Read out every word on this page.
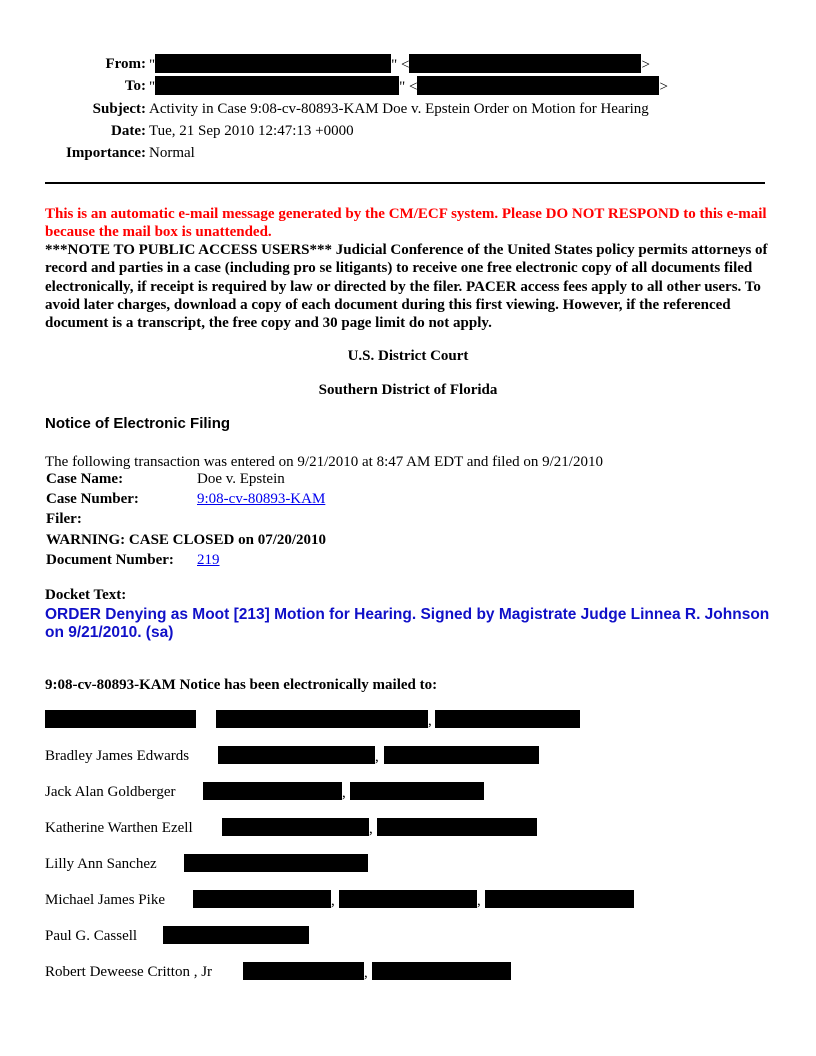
From:	" " < >
To:	" " < >
Subject:	Activity in Case 9:08-cv-80893-KAM Doe v. Epstein Order on Motion for Hearing
Date:	Tue, 21 Sep 2010 12:47:13 +0000
Importance:	Normal
This is an automatic e-mail message generated by the CM/ECF system. Please DO NOT RESPOND to this e-mail because the mail box is unattended.
***NOTE TO PUBLIC ACCESS USERS*** Judicial Conference of the United States policy permits attorneys of record and parties in a case (including pro se litigants) to receive one free electronic copy of all documents filed electronically, if receipt is required by law or directed by the filer. PACER access fees apply to all other users. To avoid later charges, download a copy of each document during this first viewing. However, if the referenced document is a transcript, the free copy and 30 page limit do not apply.
U.S. District Court
Southern District of Florida
Notice of Electronic Filing
The following transaction was entered on 9/21/2010 at 8:47 AM EDT and filed on 9/21/2010
Case Name:	Doe v. Epstein
Case Number:	9:08-cv-80893-KAM
Filer:	
WARNING: CASE CLOSED on 07/20/2010	
Document Number:	219
Docket Text:
ORDER Denying as Moot [213] Motion for Hearing. Signed by Magistrate Judge Linnea R. Johnson on 9/21/2010. (sa)
9:08-cv-80893-KAM Notice has been electronically mailed to:
,
Bradley James Edwards	,
Jack Alan Goldberger	,
Katherine Warthen Ezell	,
Lilly Ann Sanchez
Michael James Pike	,	,
Paul G. Cassell
Robert Deweese Critton , Jr	,
